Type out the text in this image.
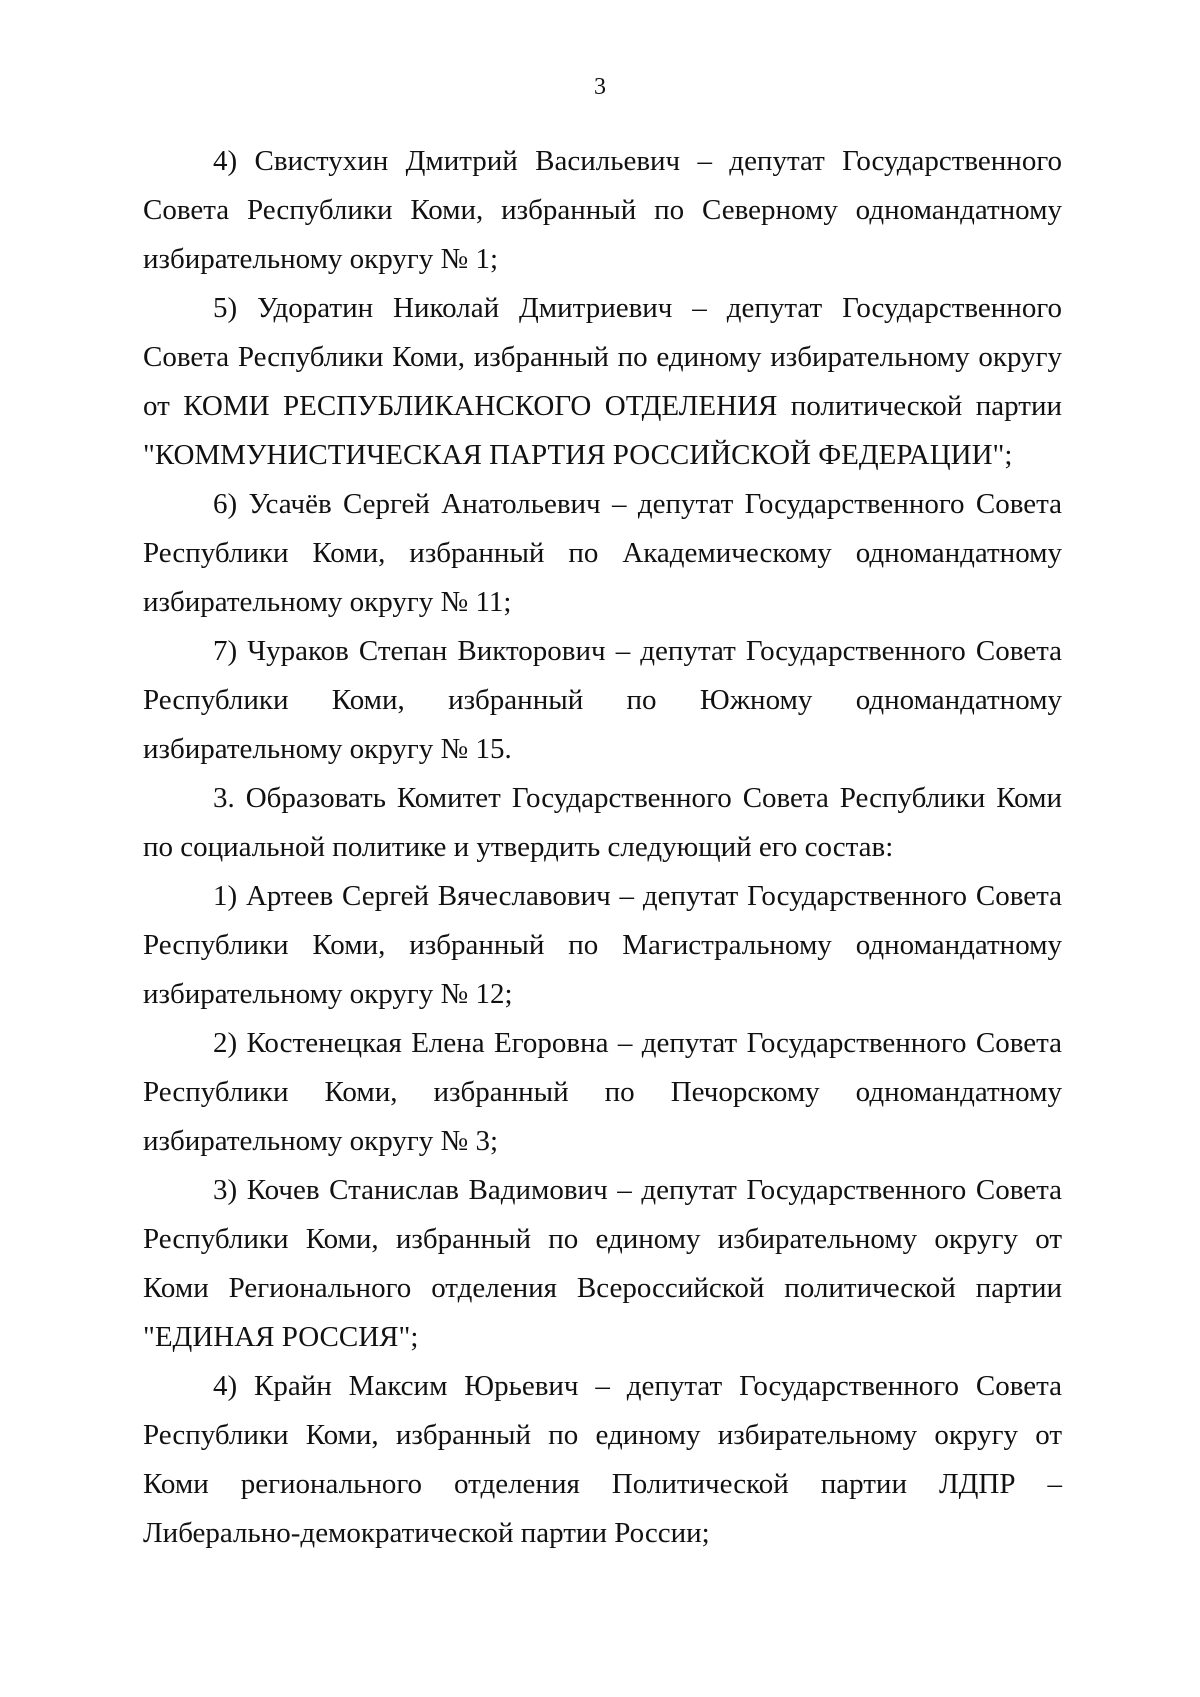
3

4) Свистухин Дмитрий Васильевич – депутат Государственного Совета Республики Коми, избранный по Северному одномандатному избирательному округу № 1;

5) Удоратин Николай Дмитриевич – депутат Государственного Совета Республики Коми, избранный по единому избирательному округу от КОМИ РЕСПУБЛИКАНСКОГО ОТДЕЛЕНИЯ политической партии "КОММУНИСТИЧЕСКАЯ ПАРТИЯ РОССИЙСКОЙ ФЕДЕРАЦИИ";

6) Усачёв Сергей Анатольевич – депутат Государственного Совета Республики Коми, избранный по Академическому одномандатному избирательному округу № 11;

7) Чураков Степан Викторович – депутат Государственного Совета Республики Коми, избранный по Южному одномандатному избирательному округу № 15.

3. Образовать Комитет Государственного Совета Республики Коми по социальной политике и утвердить следующий его состав:

1) Артеев Сергей Вячеславович – депутат Государственного Совета Республики Коми, избранный по Магистральному одномандатному избирательному округу № 12;

2) Костенецкая Елена Егоровна – депутат Государственного Совета Республики Коми, избранный по Печорскому одномандатному избирательному округу № 3;

3) Кочев Станислав Вадимович – депутат Государственного Совета Республики Коми, избранный по единому избирательному округу от Коми Регионального отделения Всероссийской политической партии "ЕДИНАЯ РОССИЯ";

4) Крайн Максим Юрьевич – депутат Государственного Совета Республики Коми, избранный по единому избирательному округу от Коми регионального отделения Политической партии ЛДПР – Либерально-демократической партии России;
